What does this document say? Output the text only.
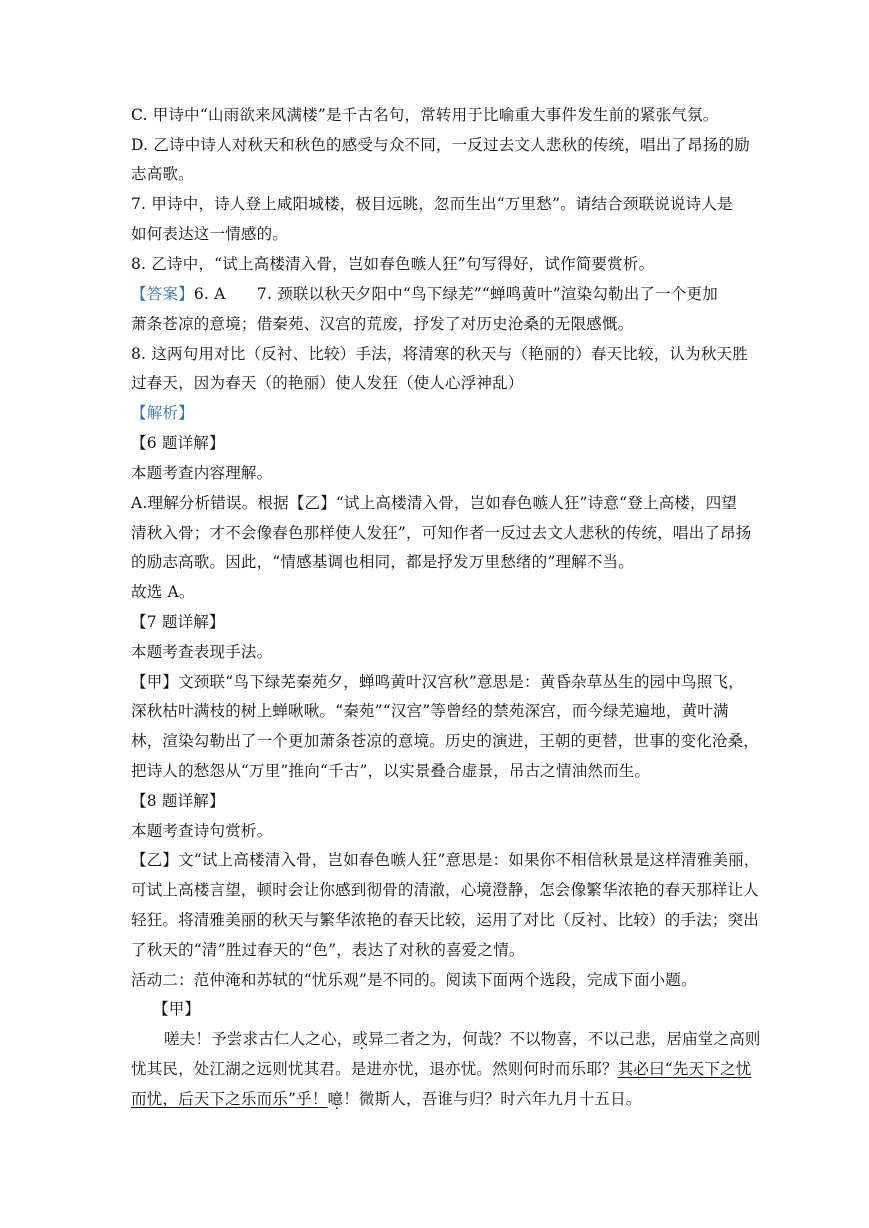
C. 甲诗中“山雨欲来风满楼”是千古名句，常转用于比喻重大事件发生前的紧张气氛。
D. 乙诗中诗人对秋天和秋色的感受与众不同，一反过去文人悲秋的传统，唱出了昂扬的励
志高歌。
7. 甲诗中，诗人登上咸阳城楼，极目远眺，忽而生出“万里愁”。请结合颈联说说诗人是
如何表达这一情感的。
8. 乙诗中，“试上高楼清入骨，岂如春色嗾人狂”句写得好，试作简要赏析。
【答案】6. A　　7. 颈联以秋天夕阳中“鸟下绿芜”“蝉鸣黄叶”渲染勾勒出了一个更加
萧条苍凉的意境；借秦苑、汉宫的荒废，抒发了对历史沧桑的无限感慨。
8. 这两句用对比（反衬、比较）手法，将清寒的秋天与（艳丽的）春天比较，认为秋天胜
过春天，因为春天（的艳丽）使人发狂（使人心浮神乱）
【解析】
【6 题详解】
本题考查内容理解。
A.理解分析错误。根据【乙】“试上高楼清入骨，岂如春色嗾人狂”诗意“登上高楼，四望
清秋入骨；才不会像春色那样使人发狂”，可知作者一反过去文人悲秋的传统，唱出了昂扬
的励志高歌。因此，“情感基调也相同，都是抒发万里愁绪的”理解不当。
故选 A。
【7 题详解】
本题考查表现手法。
【甲】文颈联“鸟下绿芜秦苑夕，蝉鸣黄叶汉宫秋”意思是：黄昏杂草丛生的园中鸟照飞，
深秋枯叶满枝的树上蝉啾啾。“秦苑”“汉宫”等曾经的禁苑深宫，而今绿芜遍地，黄叶满
林，渲染勾勒出了一个更加萧条苍凉的意境。历史的演进，王朝的更替，世事的变化沧桑，
把诗人的愁怨从“万里”推向“千古”，以实景叠合虚景，吊古之情油然而生。
【8 题详解】
本题考查诗句赏析。
【乙】文“试上高楼清入骨，岂如春色嗾人狂”意思是：如果你不相信秋景是这样清雅美丽，
可试上高楼言望，顿时会让你感到彻骨的清澈，心境澄静，怎会像繁华浓艳的春天那样让人
轻狂。将清雅美丽的秋天与繁华浓艳的春天比较，运用了对比（反衬、比较）的手法；突出
了秋天的“清”胜过春天的“色”，表达了对秋的喜爱之情。
活动二：范仲淹和苏轼的“忧乐观”是不同的。阅读下面两个选段，完成下面小题。
【甲】
嗟夫！予尝求古仁人之心，或异二者之为，何哉？不以物喜，不以己悲，居庙堂之高则
忧其民，处江湖之远则忧其君。是进亦忧，退亦忧。然则何时而乐耶？其必曰“先天下之忧
而忧，后天下之乐而乐”乎！噫！微斯人，吾谁与归？时六年九月十五日。
